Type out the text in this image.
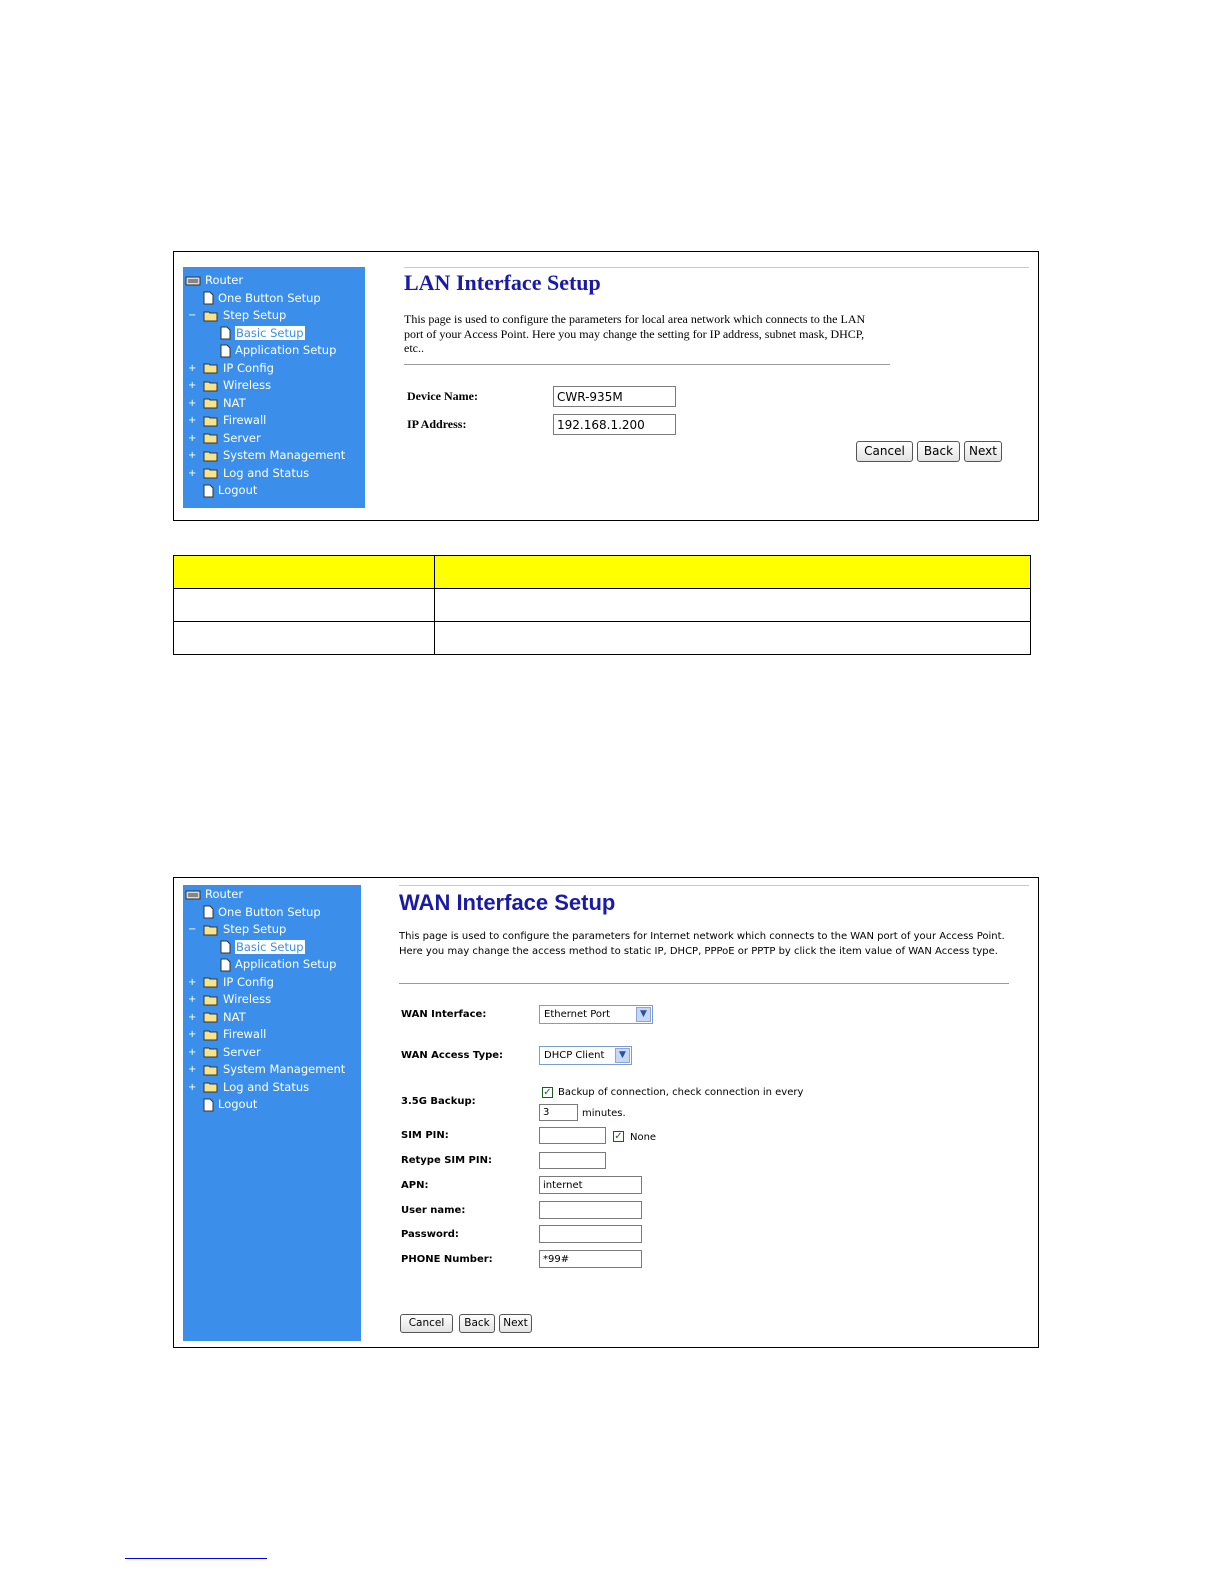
Router
One Button Setup
− Step Setup
Basic Setup
Application Setup
+ IP Config
+ Wireless
+ NAT
+ Firewall
+ Server
+ System Management
+ Log and Status
Logout
LAN Interface Setup

This page is used to configure the parameters for local area network which connects to the LAN port of your Access Point. Here you may change the setting for IP address, subnet mask, DHCP, etc..

Device Name:
CWR-935M
IP Address:
192.168.1.200
Cancel	Back	Next

Router
One Button Setup
− Step Setup
Basic Setup
Application Setup
+ IP Config
+ Wireless
+ NAT
+ Firewall
+ Server
+ System Management
+ Log and Status
Logout
WAN Interface Setup

This page is used to configure the parameters for Internet network which connects to the WAN port of your Access Point. Here you may change the access method to static IP, DHCP, PPPoE or PPTP by click the item value of WAN Access type.

WAN Interface:	Ethernet Port	▼
WAN Access Type:	DHCP Client	▼
3.5G Backup:
✓ Backup of connection, check connection in every
3
minutes.
SIM PIN:	✓ None
Retype SIM PIN:
APN:
internet
User name:
Password:
PHONE Number:
*99#
Cancel	Back	Next
